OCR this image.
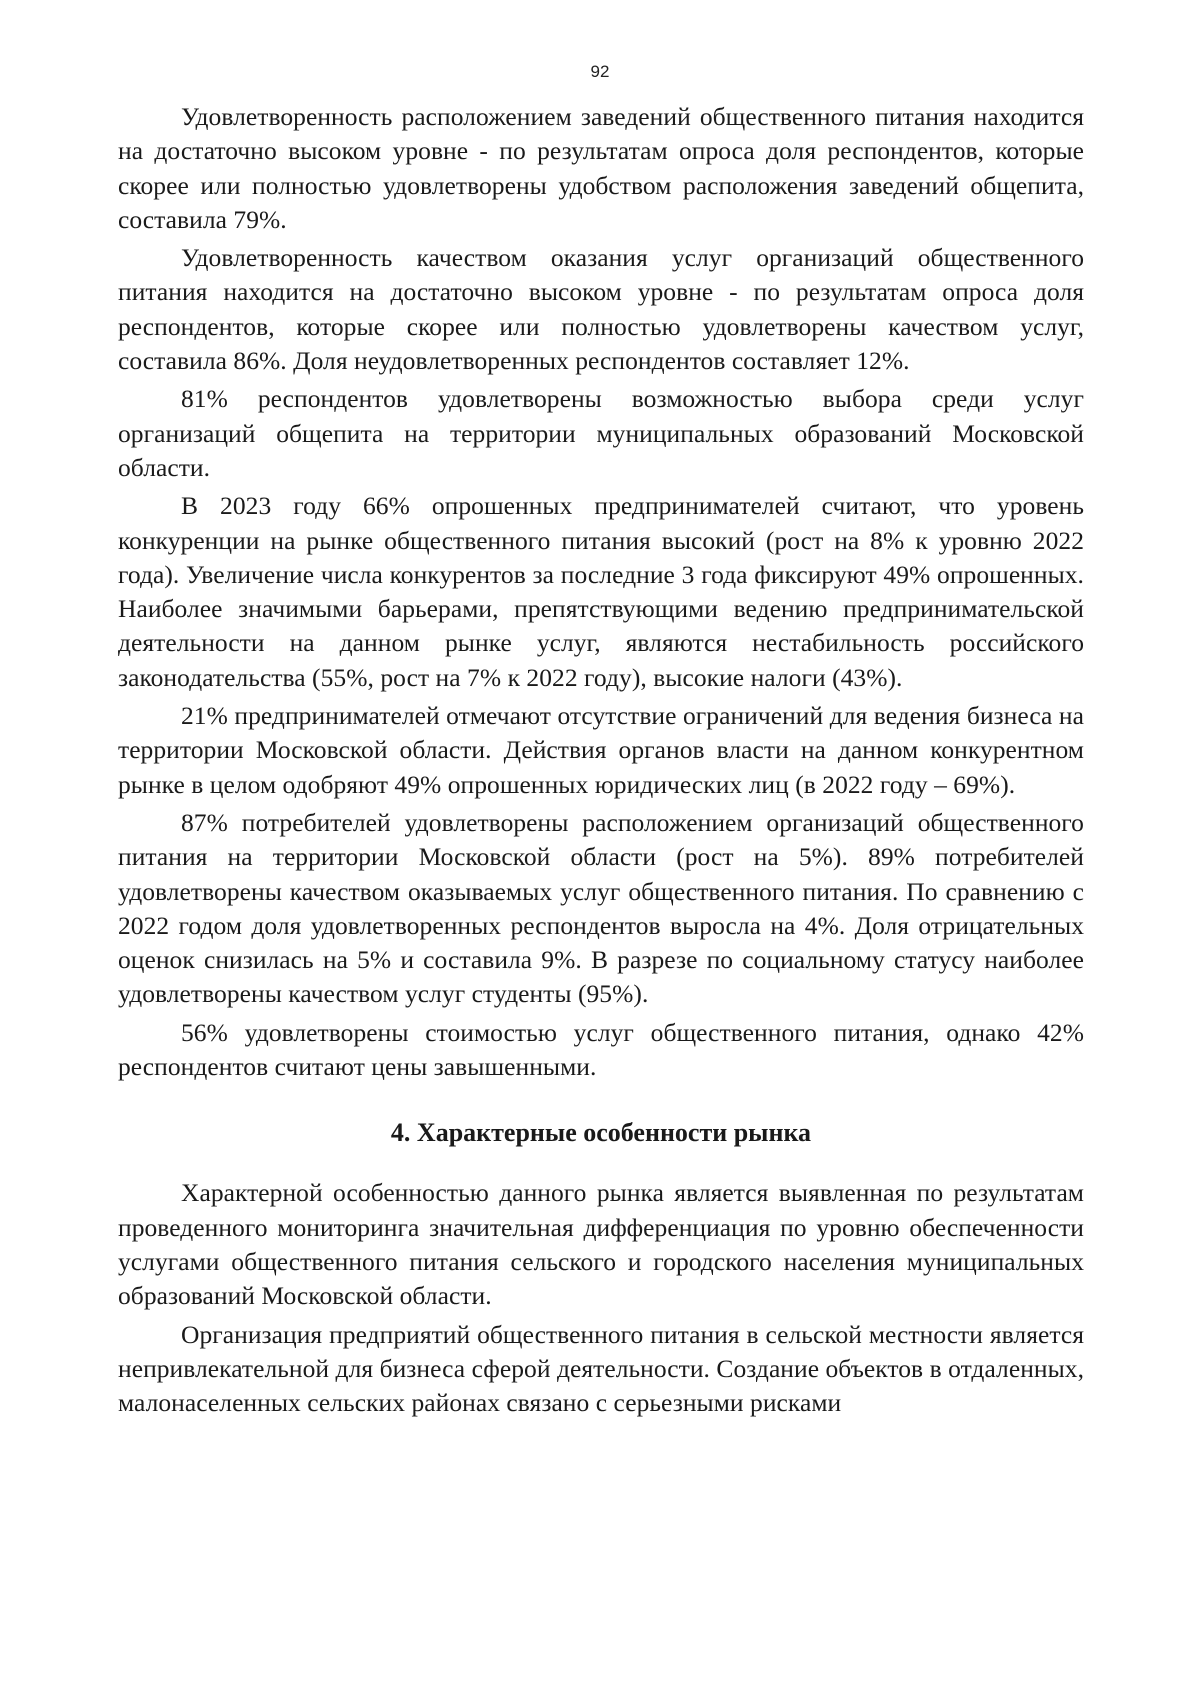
92

Удовлетворенность расположением заведений общественного питания находится на достаточно высоком уровне - по результатам опроса доля респондентов, которые скорее или полностью удовлетворены удобством расположения заведений общепита, составила 79%.

Удовлетворенность качеством оказания услуг организаций общественного питания находится на достаточно высоком уровне - по результатам опроса доля респондентов, которые скорее или полностью удовлетворены качеством услуг, составила 86%. Доля неудовлетворенных респондентов составляет 12%.

81% респондентов удовлетворены возможностью выбора среди услуг организаций общепита на территории муниципальных образований Московской области.

В 2023 году 66% опрошенных предпринимателей считают, что уровень конкуренции на рынке общественного питания высокий (рост на 8% к уровню 2022 года). Увеличение числа конкурентов за последние 3 года фиксируют 49% опрошенных. Наиболее значимыми барьерами, препятствующими ведению предпринимательской деятельности на данном рынке услуг, являются нестабильность российского законодательства (55%, рост на 7% к 2022 году), высокие налоги (43%).

21% предпринимателей отмечают отсутствие ограничений для ведения бизнеса на территории Московской области. Действия органов власти на данном конкурентном рынке в целом одобряют 49% опрошенных юридических лиц (в 2022 году – 69%).

87% потребителей удовлетворены расположением организаций общественного питания на территории Московской области (рост на 5%). 89% потребителей удовлетворены качеством оказываемых услуг общественного питания. По сравнению с 2022 годом доля удовлетворенных респондентов выросла на 4%. Доля отрицательных оценок снизилась на 5% и составила 9%. В разрезе по социальному статусу наиболее удовлетворены качеством услуг студенты (95%).

56% удовлетворены стоимостью услуг общественного питания, однако 42% респондентов считают цены завышенными.

4. Характерные особенности рынка

Характерной особенностью данного рынка является выявленная по результатам проведенного мониторинга значительная дифференциация по уровню обеспеченности услугами общественного питания сельского и городского населения муниципальных образований Московской области.

Организация предприятий общественного питания в сельской местности является непривлекательной для бизнеса сферой деятельности. Создание объектов в отдаленных, малонаселенных сельских районах связано с серьезными рисками
